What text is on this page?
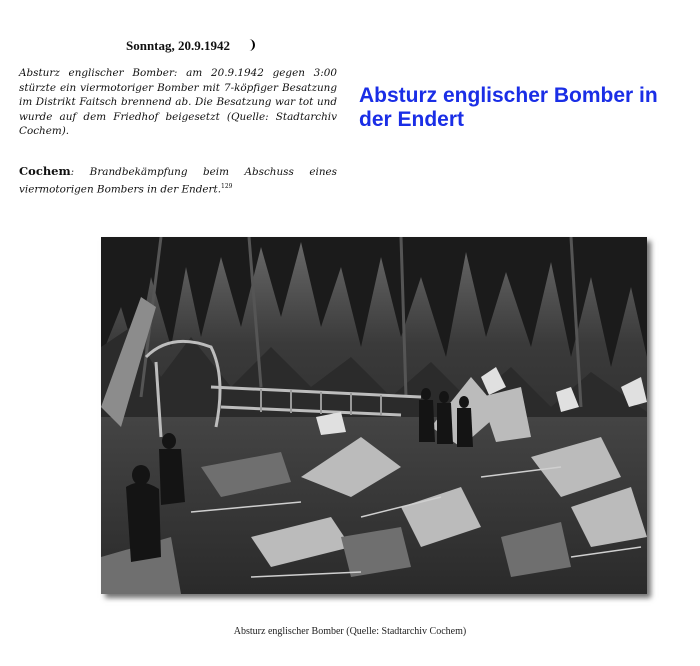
Sonntag, 20.9.1942
Absturz englischer Bomber: am 20.9.1942 gegen 3:00 stürzte ein viermotoriger Bomber mit 7-köpfiger Besatzung im Distrikt Faitsch brennend ab. Die Besatzung war tot und wurde auf dem Friedhof beigesetzt (Quelle: Stadtarchiv Cochem).
Cochem: Brandbekämpfung beim Abschuss eines viermotorigen Bombers in der Endert.$^{129}$
Absturz englischer Bomber in der Endert
Absturz englischer Bomber (Quelle: Stadtarchiv Cochem)
